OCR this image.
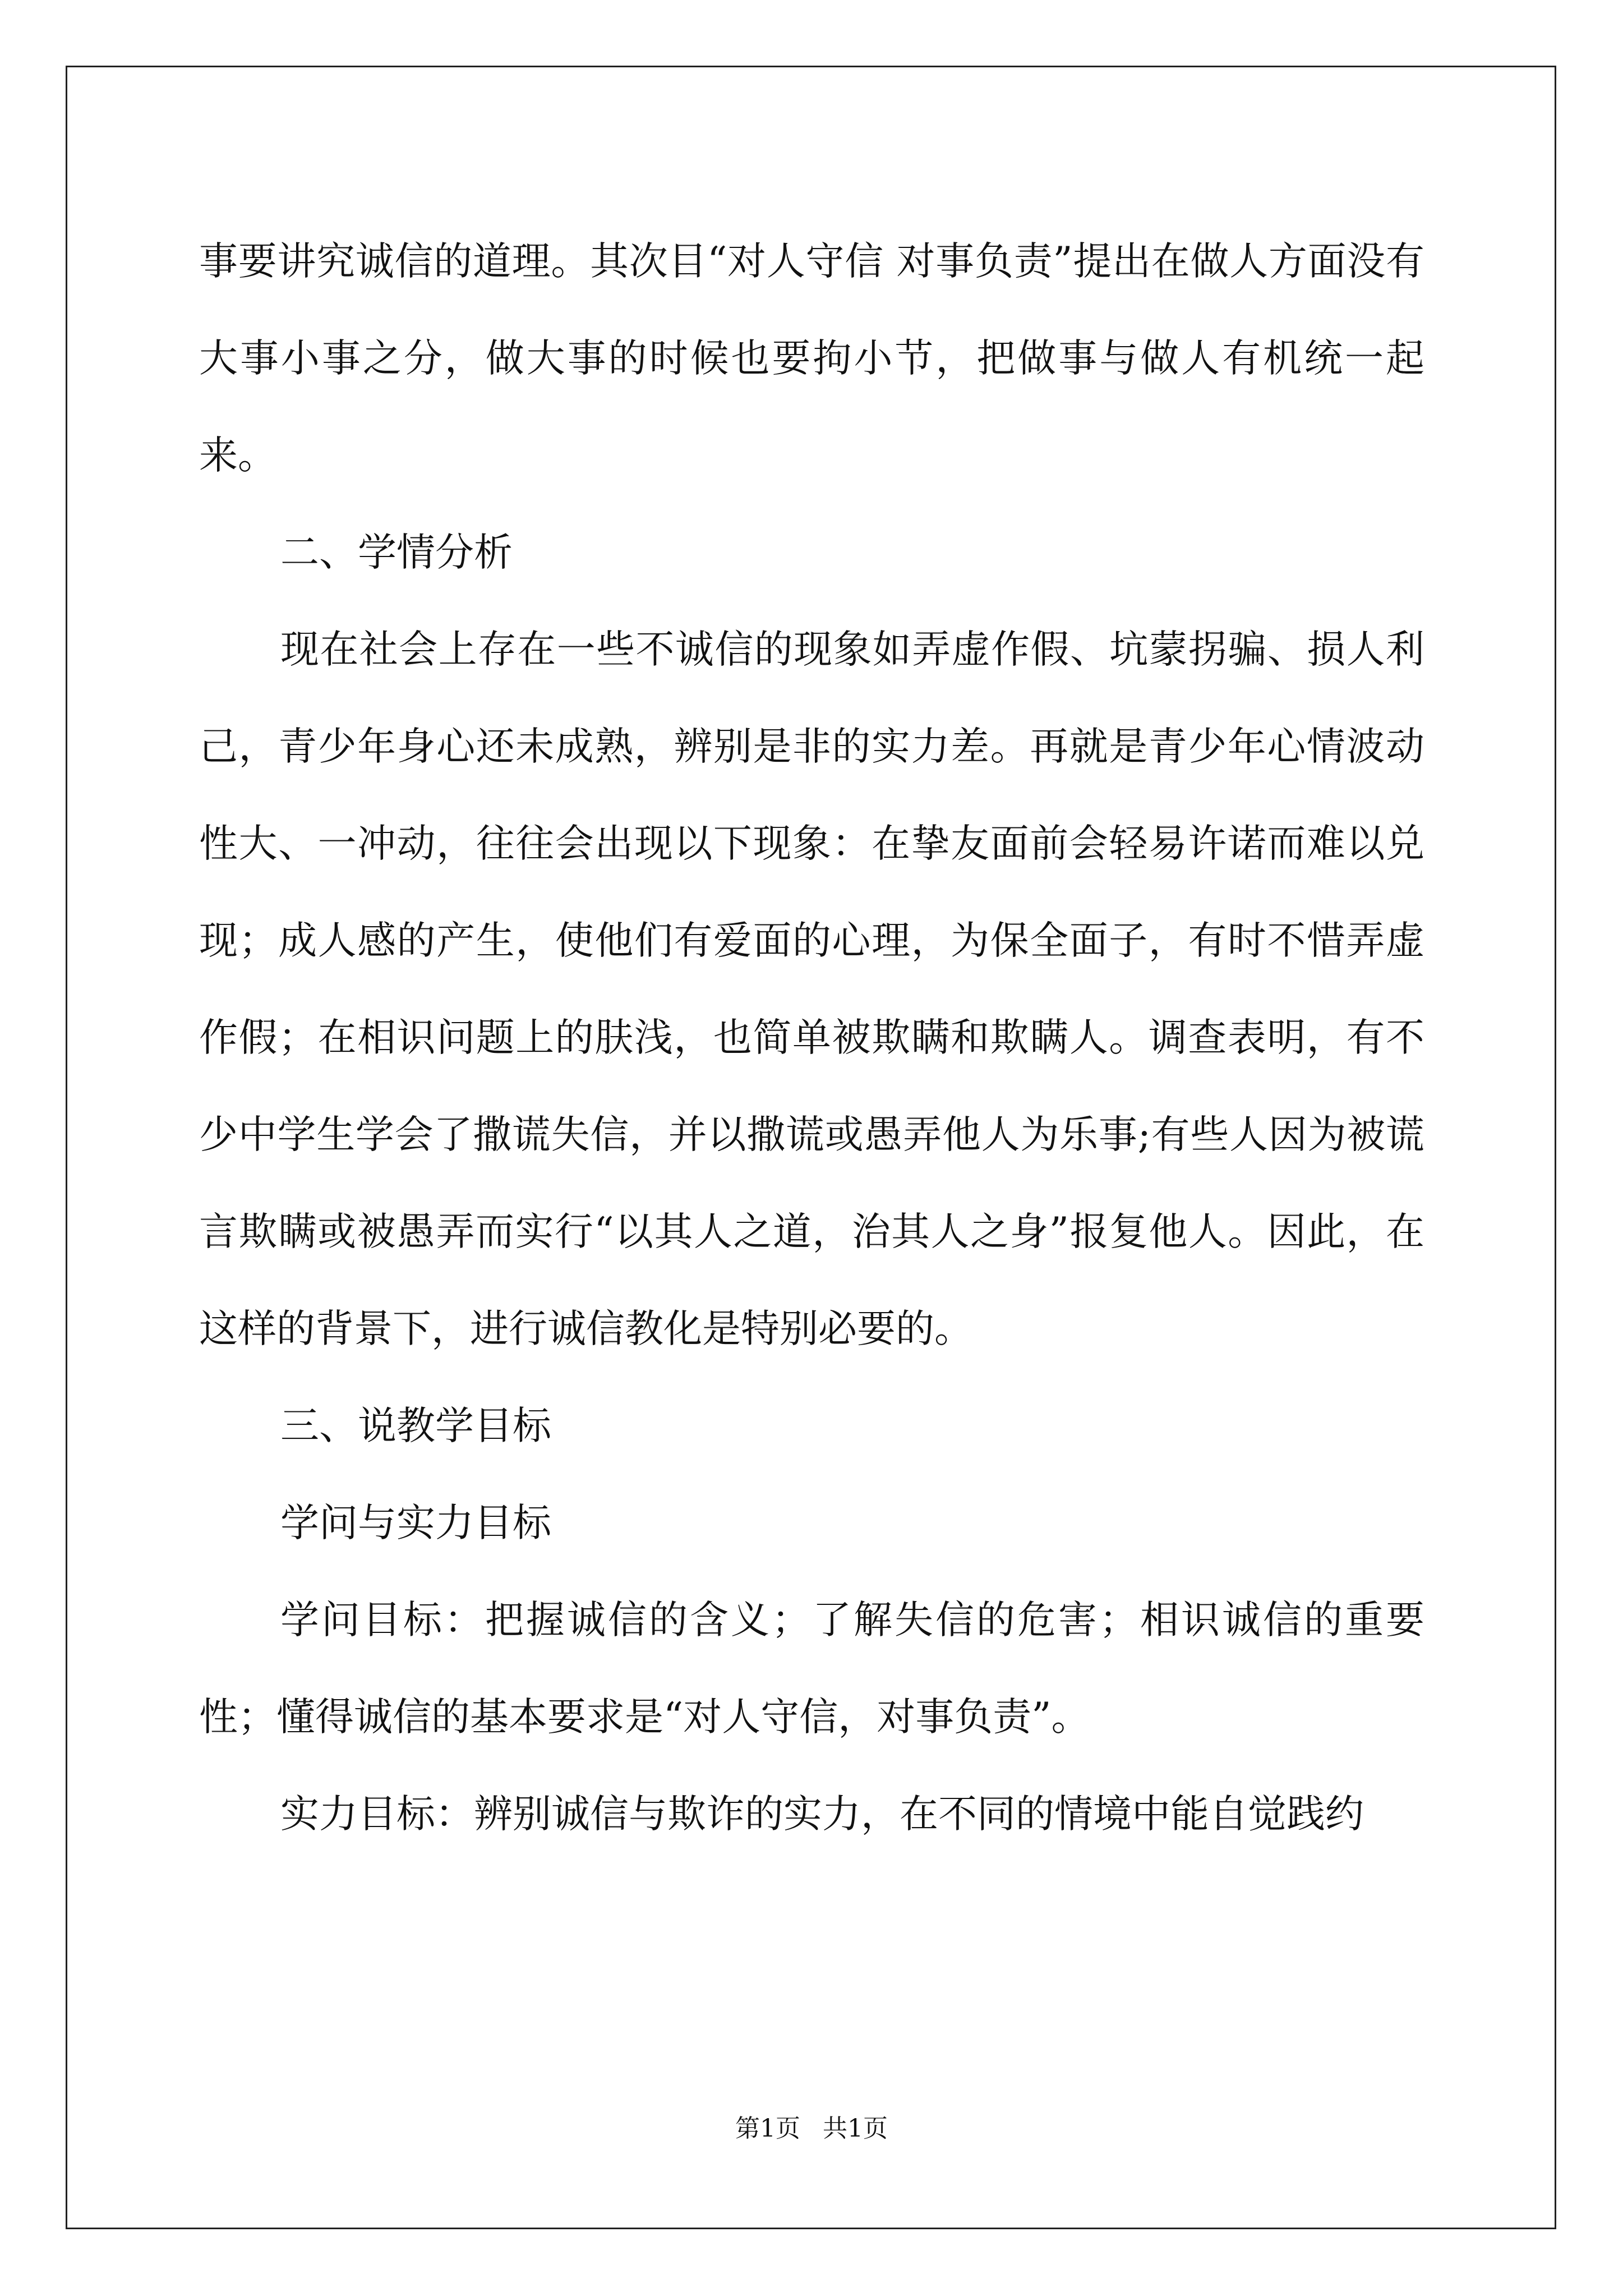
事要讲究诚信的道理。其次目“对人守信 对事负责”提出在做人方面没有大事小事之分，做大事的时候也要拘小节，把做事与做人有机统一起来。

二、学情分析

现在社会上存在一些不诚信的现象如弄虚作假、坑蒙拐骗、损人利己，青少年身心还未成熟，辨别是非的实力差。再就是青少年心情波动性大、一冲动，往往会出现以下现象：在挚友面前会轻易许诺而难以兑现；成人感的产生，使他们有爱面的心理，为保全面子，有时不惜弄虚作假；在相识问题上的肤浅，也简单被欺瞒和欺瞒人。调查表明，有不少中学生学会了撒谎失信，并以撒谎或愚弄他人为乐事;有些人因为被谎言欺瞒或被愚弄而实行“以其人之道，治其人之身”报复他人。因此，在这样的背景下，进行诚信教化是特别必要的。

三、说教学目标

学问与实力目标

学问目标：把握诚信的含义；了解失信的危害；相识诚信的重要性；懂得诚信的基本要求是“对人守信，对事负责”。

实力目标：辨别诚信与欺诈的实力，在不同的情境中能自觉践约

第1页 共1页
